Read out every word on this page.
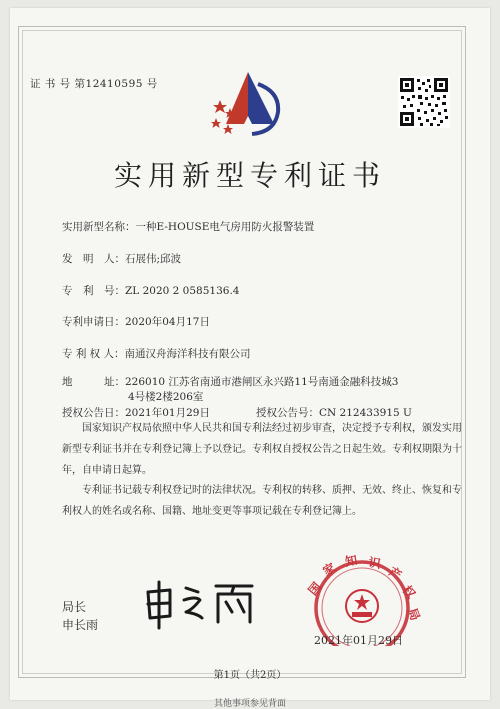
证 书 号 第12410595 号
实用新型专利证书
实用新型名称：一种E-HOUSE电气房用防火报警装置
发　明　人：石展伟;邱波
专　利　号：ZL 2020 2 0585136.4
专利申请日：2020年04月17日
专 利 权 人：南通汉舟海洋科技有限公司
地　　　址：226010 江苏省南通市港闸区永兴路11号南通金融科技城3
4号楼2楼206室
授权公告日：2021年01月29日	授权公告号：CN 212433915 U
国家知识产权局依照中华人民共和国专利法经过初步审查，决定授予专利权，颁发实用新型专利证书并在专利登记簿上予以登记。专利权自授权公告之日起生效。专利权期限为十年，自申请日起算。
专利证书记载专利权登记时的法律状况。专利权的转移、质押、无效、终止、恢复和专利权人的姓名或名称、国籍、地址变更等事项记载在专利登记簿上。
局长
申长雨
国
家 知 识
产
权
局
2021年01月29日
第1页（共2页）
其他事项参见背面
